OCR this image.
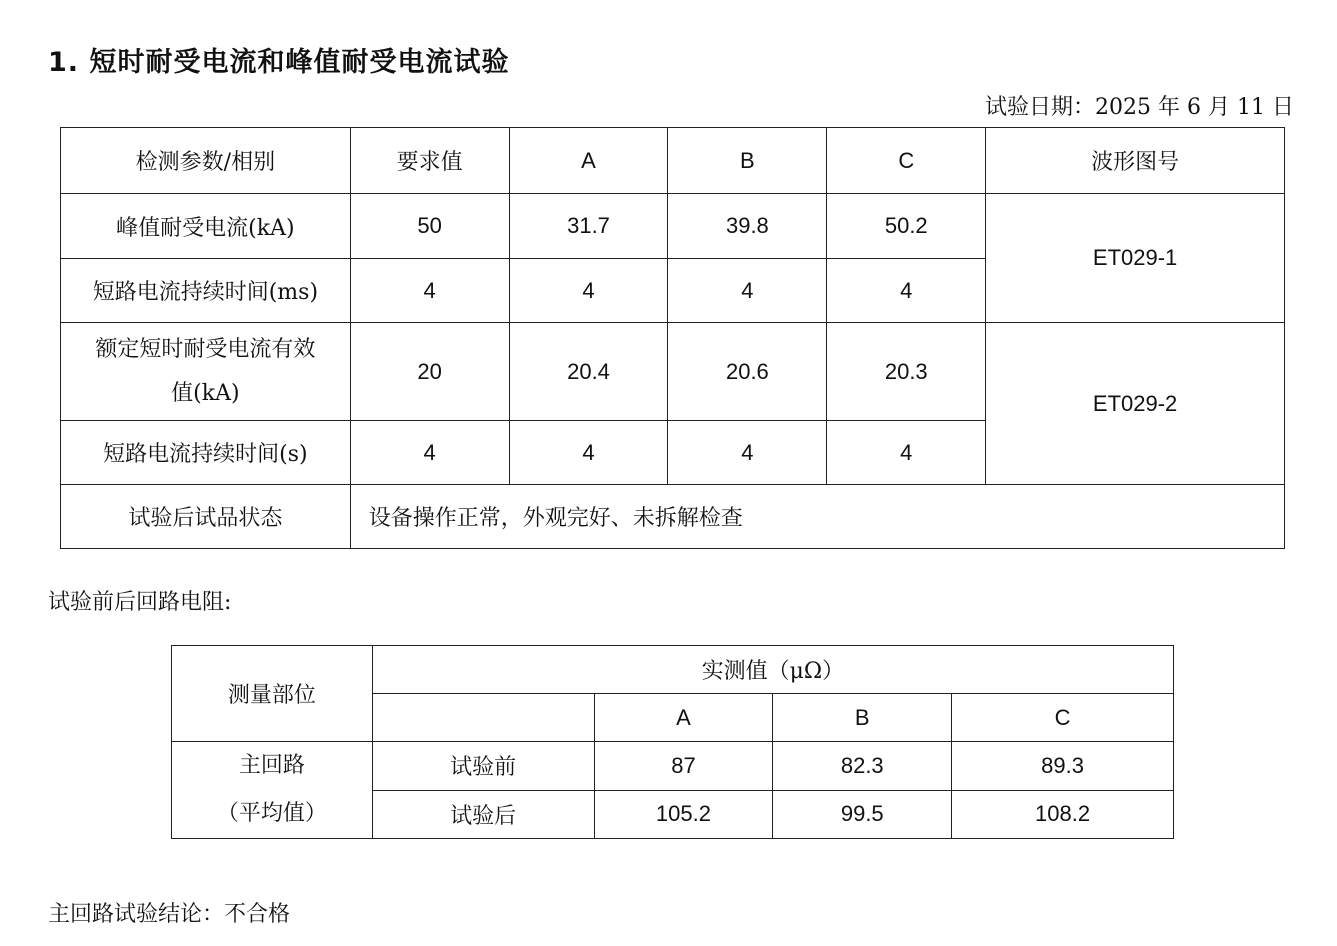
1. 短时耐受电流和峰值耐受电流试验
试验日期：2025 年 6 月 11 日
检测参数/相别	要求值	A	B	C	波形图号
峰值耐受电流(kA)	50	31.7	39.8	50.2	ET029-1
短路电流持续时间(ms)	4	4	4	4	

额定短时耐受电流有效
值(kA)	20	20.4	20.6	20.3	ET029-2
短路电流持续时间(s)	4	4	4	4	
试验后试品状态	设备操作正常，外观完好、未拆解检查				
试验前后回路电阻:
测量部位	实测值（μΩ）			
		A	B	C

主回路
（平均值）	试验前	87	82.3	89.3
	试验后	105.2	99.5	108.2
主回路试验结论：不合格
